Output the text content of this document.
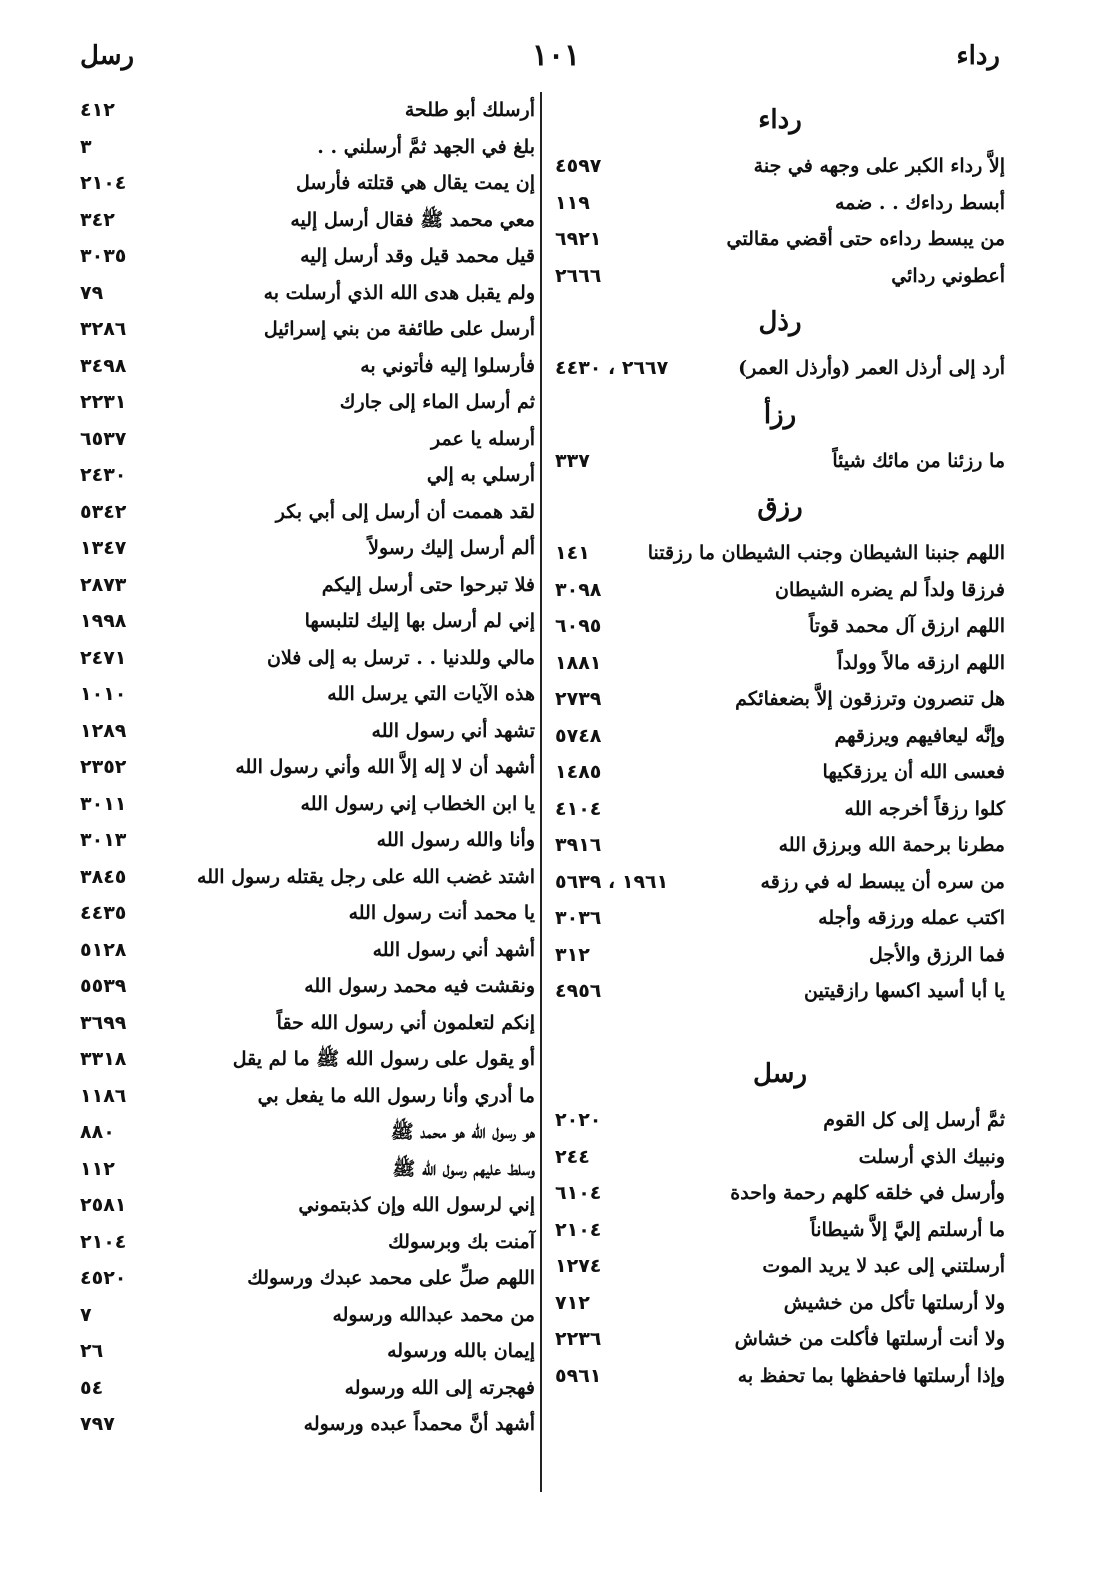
رداء
١٠١
رسل
رداء
إلاَّ رداء الكبر على وجهه في جنة
٤٥٩٧
أبسط رداءك . . ضمه
١١٩
من يبسط رداءه حتى أقضي مقالتي
٦٩٢١
أعطوني ردائي
٢٦٦٦
رذل
أرد إلى أرذل العمر (وأرذل العمر)
٢٦٦٧ ، ٤٤٣٠
رزأ
ما رزئنا من مائك شيئاً
٣٣٧
رزق
اللهم جنبنا الشيطان وجنب الشيطان ما رزقتنا
١٤١
فرزقا ولداً لم يضره الشيطان
٣٠٩٨
اللهم ارزق آل محمد قوتاً
٦٠٩٥
اللهم ارزقه مالاً وولداً
١٨٨١
هل تنصرون وترزقون إلاَّ بضعفائكم
٢٧٣٩
وإنَّه ليعافيهم ويرزقهم
٥٧٤٨
فعسى الله أن يرزقكيها
١٤٨٥
كلوا رزقاً أخرجه الله
٤١٠٤
مطرنا برحمة الله وبرزق الله
٣٩١٦
من سره أن يبسط له في رزقه
١٩٦١ ، ٥٦٣٩
اكتب عمله ورزقه وأجله
٣٠٣٦
فما الرزق والأجل
٣١٢
يا أبا أسيد اكسها رازقيتين
٤٩٥٦
رسل
ثمَّ أرسل إلى كل القوم
٢٠٢٠
ونبيك الذي أرسلت
٢٤٤
وأرسل في خلقه كلهم رحمة واحدة
٦١٠٤
ما أرسلتم إليَّ إلاَّ شيطاناً
٢١٠٤
أرسلتني إلى عبد لا يريد الموت
١٢٧٤
ولا أرسلتها تأكل من خشيش
٧١٢
ولا أنت أرسلتها فأكلت من خشاش
٢٢٣٦
وإذا أرسلتها فاحفظها بما تحفظ به
٥٩٦١
أرسلك أبو طلحة
٤١٢
بلغ في الجهد ثمَّ أرسلني . .
٣
إن يمت يقال هي قتلته فأرسل
٢١٠٤
معي محمد ﷺ فقال أرسل إليه
٣٤٢
قيل محمد قيل وقد أرسل إليه
٣٠٣٥
ولم يقبل هدى الله الذي أرسلت به
٧٩
أرسل على طائفة من بني إسرائيل
٣٢٨٦
فأرسلوا إليه فأتوني به
٣٤٩٨
ثم أرسل الماء إلى جارك
٢٢٣١
أرسله يا عمر
٦٥٣٧
أرسلي به إلي
٢٤٣٠
لقد هممت أن أرسل إلى أبي بكر
٥٣٤٢
ألم أرسل إليك رسولاً
١٣٤٧
فلا تبرحوا حتى أرسل إليكم
٢٨٧٣
إني لم أرسل بها إليك لتلبسها
١٩٩٨
مالي وللدنيا . . ترسل به إلى فلان
٢٤٧١
هذه الآيات التي يرسل الله
١٠١٠
تشهد أني رسول الله
١٢٨٩
أشهد أن لا إله إلاَّ الله وأني رسول الله
٢٣٥٢
يا ابن الخطاب إني رسول الله
٣٠١١
وأنا والله رسول الله
٣٠١٣
اشتد غضب الله على رجل يقتله رسول الله
٣٨٤٥
يا محمد أنت رسول الله
٤٤٣٥
أشهد أني رسول الله
٥١٢٨
ونقشت فيه محمد رسول الله
٥٥٣٩
إنكم لتعلمون أني رسول الله حقاً
٣٦٩٩
أو يقول على رسول الله ﷺ ما لم يقل
٣٣١٨
ما أدري وأنا رسول الله ما يفعل بي
١١٨٦
هو رسول الله هو محمد ﷺ
٨٨٠
وسلط عليهم رسول الله ﷺ
١١٢
إني لرسول الله وإن كذبتموني
٢٥٨١
آمنت بك وبرسولك
٢١٠٤
اللهم صلِّ على محمد عبدك ورسولك
٤٥٢٠
من محمد عبدالله ورسوله
٧
إيمان بالله ورسوله
٢٦
فهجرته إلى الله ورسوله
٥٤
أشهد أنَّ محمداً عبده ورسوله
٧٩٧
